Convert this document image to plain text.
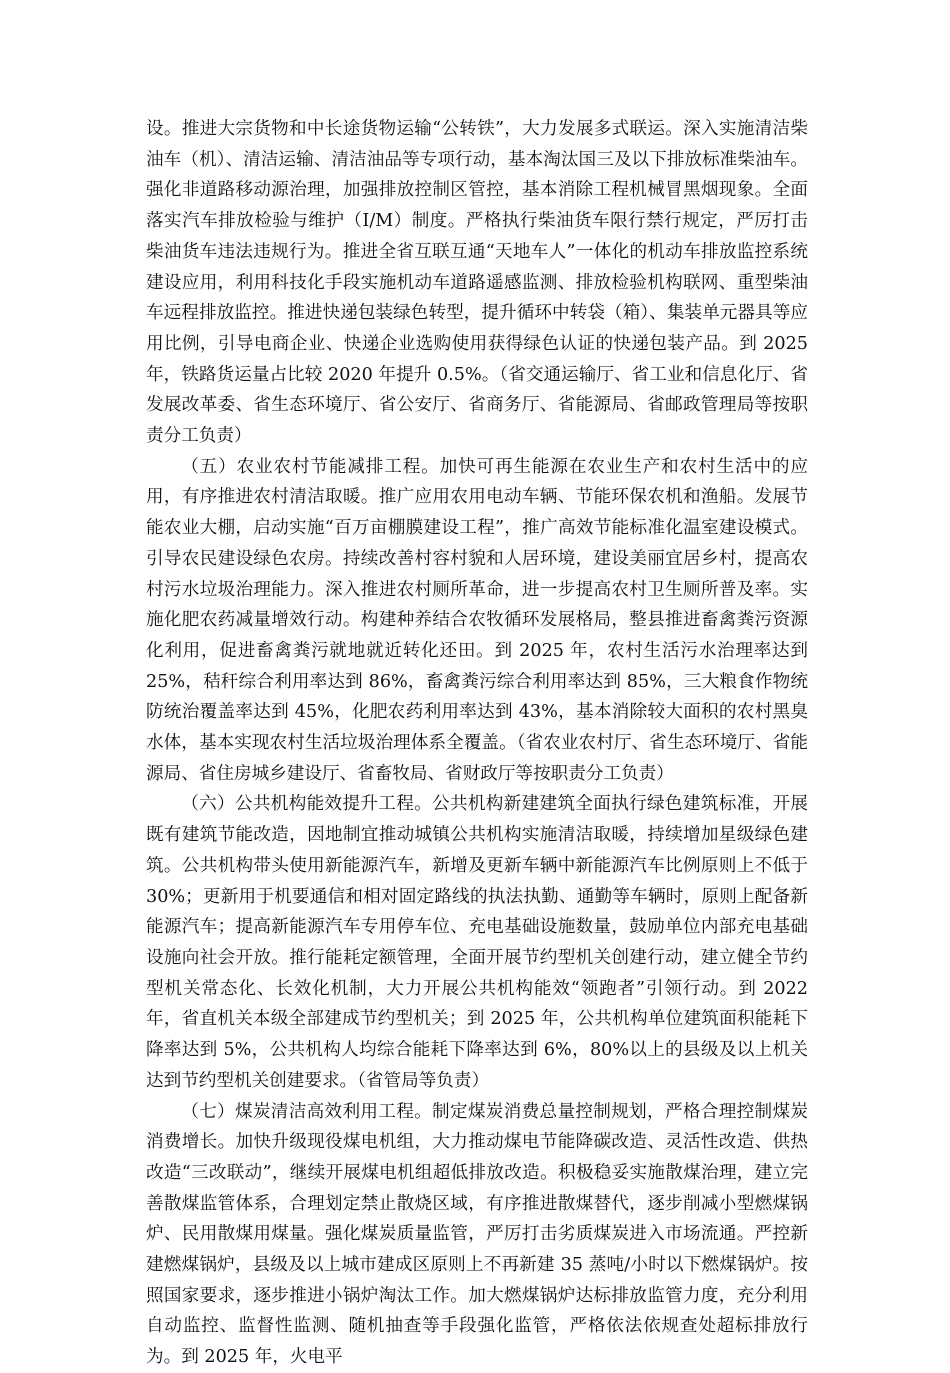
设。推进大宗货物和中长途货物运输“公转铁”，大力发展多式联运。深入实施清洁柴油车（机）、清洁运输、清洁油品等专项行动，基本淘汰国三及以下排放标准柴油车。强化非道路移动源治理，加强排放控制区管控，基本消除工程机械冒黑烟现象。全面落实汽车排放检验与维护（I/M）制度。严格执行柴油货车限行禁行规定，严厉打击柴油货车违法违规行为。推进全省互联互通“天地车人”一体化的机动车排放监控系统建设应用，利用科技化手段实施机动车道路遥感监测、排放检验机构联网、重型柴油车远程排放监控。推进快递包装绿色转型，提升循环中转袋（箱）、集装单元器具等应用比例，引导电商企业、快递企业选购使用获得绿色认证的快递包装产品。到 2025 年，铁路货运量占比较 2020 年提升 0.5%。（省交通运输厅、省工业和信息化厅、省发展改革委、省生态环境厅、省公安厅、省商务厅、省能源局、省邮政管理局等按职责分工负责）

（五）农业农村节能减排工程。加快可再生能源在农业生产和农村生活中的应用，有序推进农村清洁取暖。推广应用农用电动车辆、节能环保农机和渔船。发展节能农业大棚，启动实施“百万亩棚膜建设工程”，推广高效节能标准化温室建设模式。引导农民建设绿色农房。持续改善村容村貌和人居环境，建设美丽宜居乡村，提高农村污水垃圾治理能力。深入推进农村厕所革命，进一步提高农村卫生厕所普及率。实施化肥农药减量增效行动。构建种养结合农牧循环发展格局，整县推进畜禽粪污资源化利用，促进畜禽粪污就地就近转化还田。到 2025 年，农村生活污水治理率达到 25%，秸秆综合利用率达到 86%，畜禽粪污综合利用率达到 85%，三大粮食作物统防统治覆盖率达到 45%，化肥农药利用率达到 43%，基本消除较大面积的农村黑臭水体，基本实现农村生活垃圾治理体系全覆盖。（省农业农村厅、省生态环境厅、省能源局、省住房城乡建设厅、省畜牧局、省财政厅等按职责分工负责）

（六）公共机构能效提升工程。公共机构新建建筑全面执行绿色建筑标准，开展既有建筑节能改造，因地制宜推动城镇公共机构实施清洁取暖，持续增加星级绿色建筑。公共机构带头使用新能源汽车，新增及更新车辆中新能源汽车比例原则上不低于 30%；更新用于机要通信和相对固定路线的执法执勤、通勤等车辆时，原则上配备新能源汽车；提高新能源汽车专用停车位、充电基础设施数量，鼓励单位内部充电基础设施向社会开放。推行能耗定额管理，全面开展节约型机关创建行动，建立健全节约型机关常态化、长效化机制，大力开展公共机构能效“领跑者”引领行动。到 2022 年，省直机关本级全部建成节约型机关；到 2025 年，公共机构单位建筑面积能耗下降率达到 5%，公共机构人均综合能耗下降率达到 6%，80%以上的县级及以上机关达到节约型机关创建要求。（省管局等负责）

（七）煤炭清洁高效利用工程。制定煤炭消费总量控制规划，严格合理控制煤炭消费增长。加快升级现役煤电机组，大力推动煤电节能降碳改造、灵活性改造、供热改造“三改联动”，继续开展煤电机组超低排放改造。积极稳妥实施散煤治理，建立完善散煤监管体系，合理划定禁止散烧区域，有序推进散煤替代，逐步削减小型燃煤锅炉、民用散煤用煤量。强化煤炭质量监管，严厉打击劣质煤炭进入市场流通。严控新建燃煤锅炉，县级及以上城市建成区原则上不再新建 35 蒸吨/小时以下燃煤锅炉。按照国家要求，逐步推进小锅炉淘汰工作。加大燃煤锅炉达标排放监管力度，充分利用自动监控、监督性监测、随机抽查等手段强化监管，严格依法依规查处超标排放行为。到 2025 年，火电平
